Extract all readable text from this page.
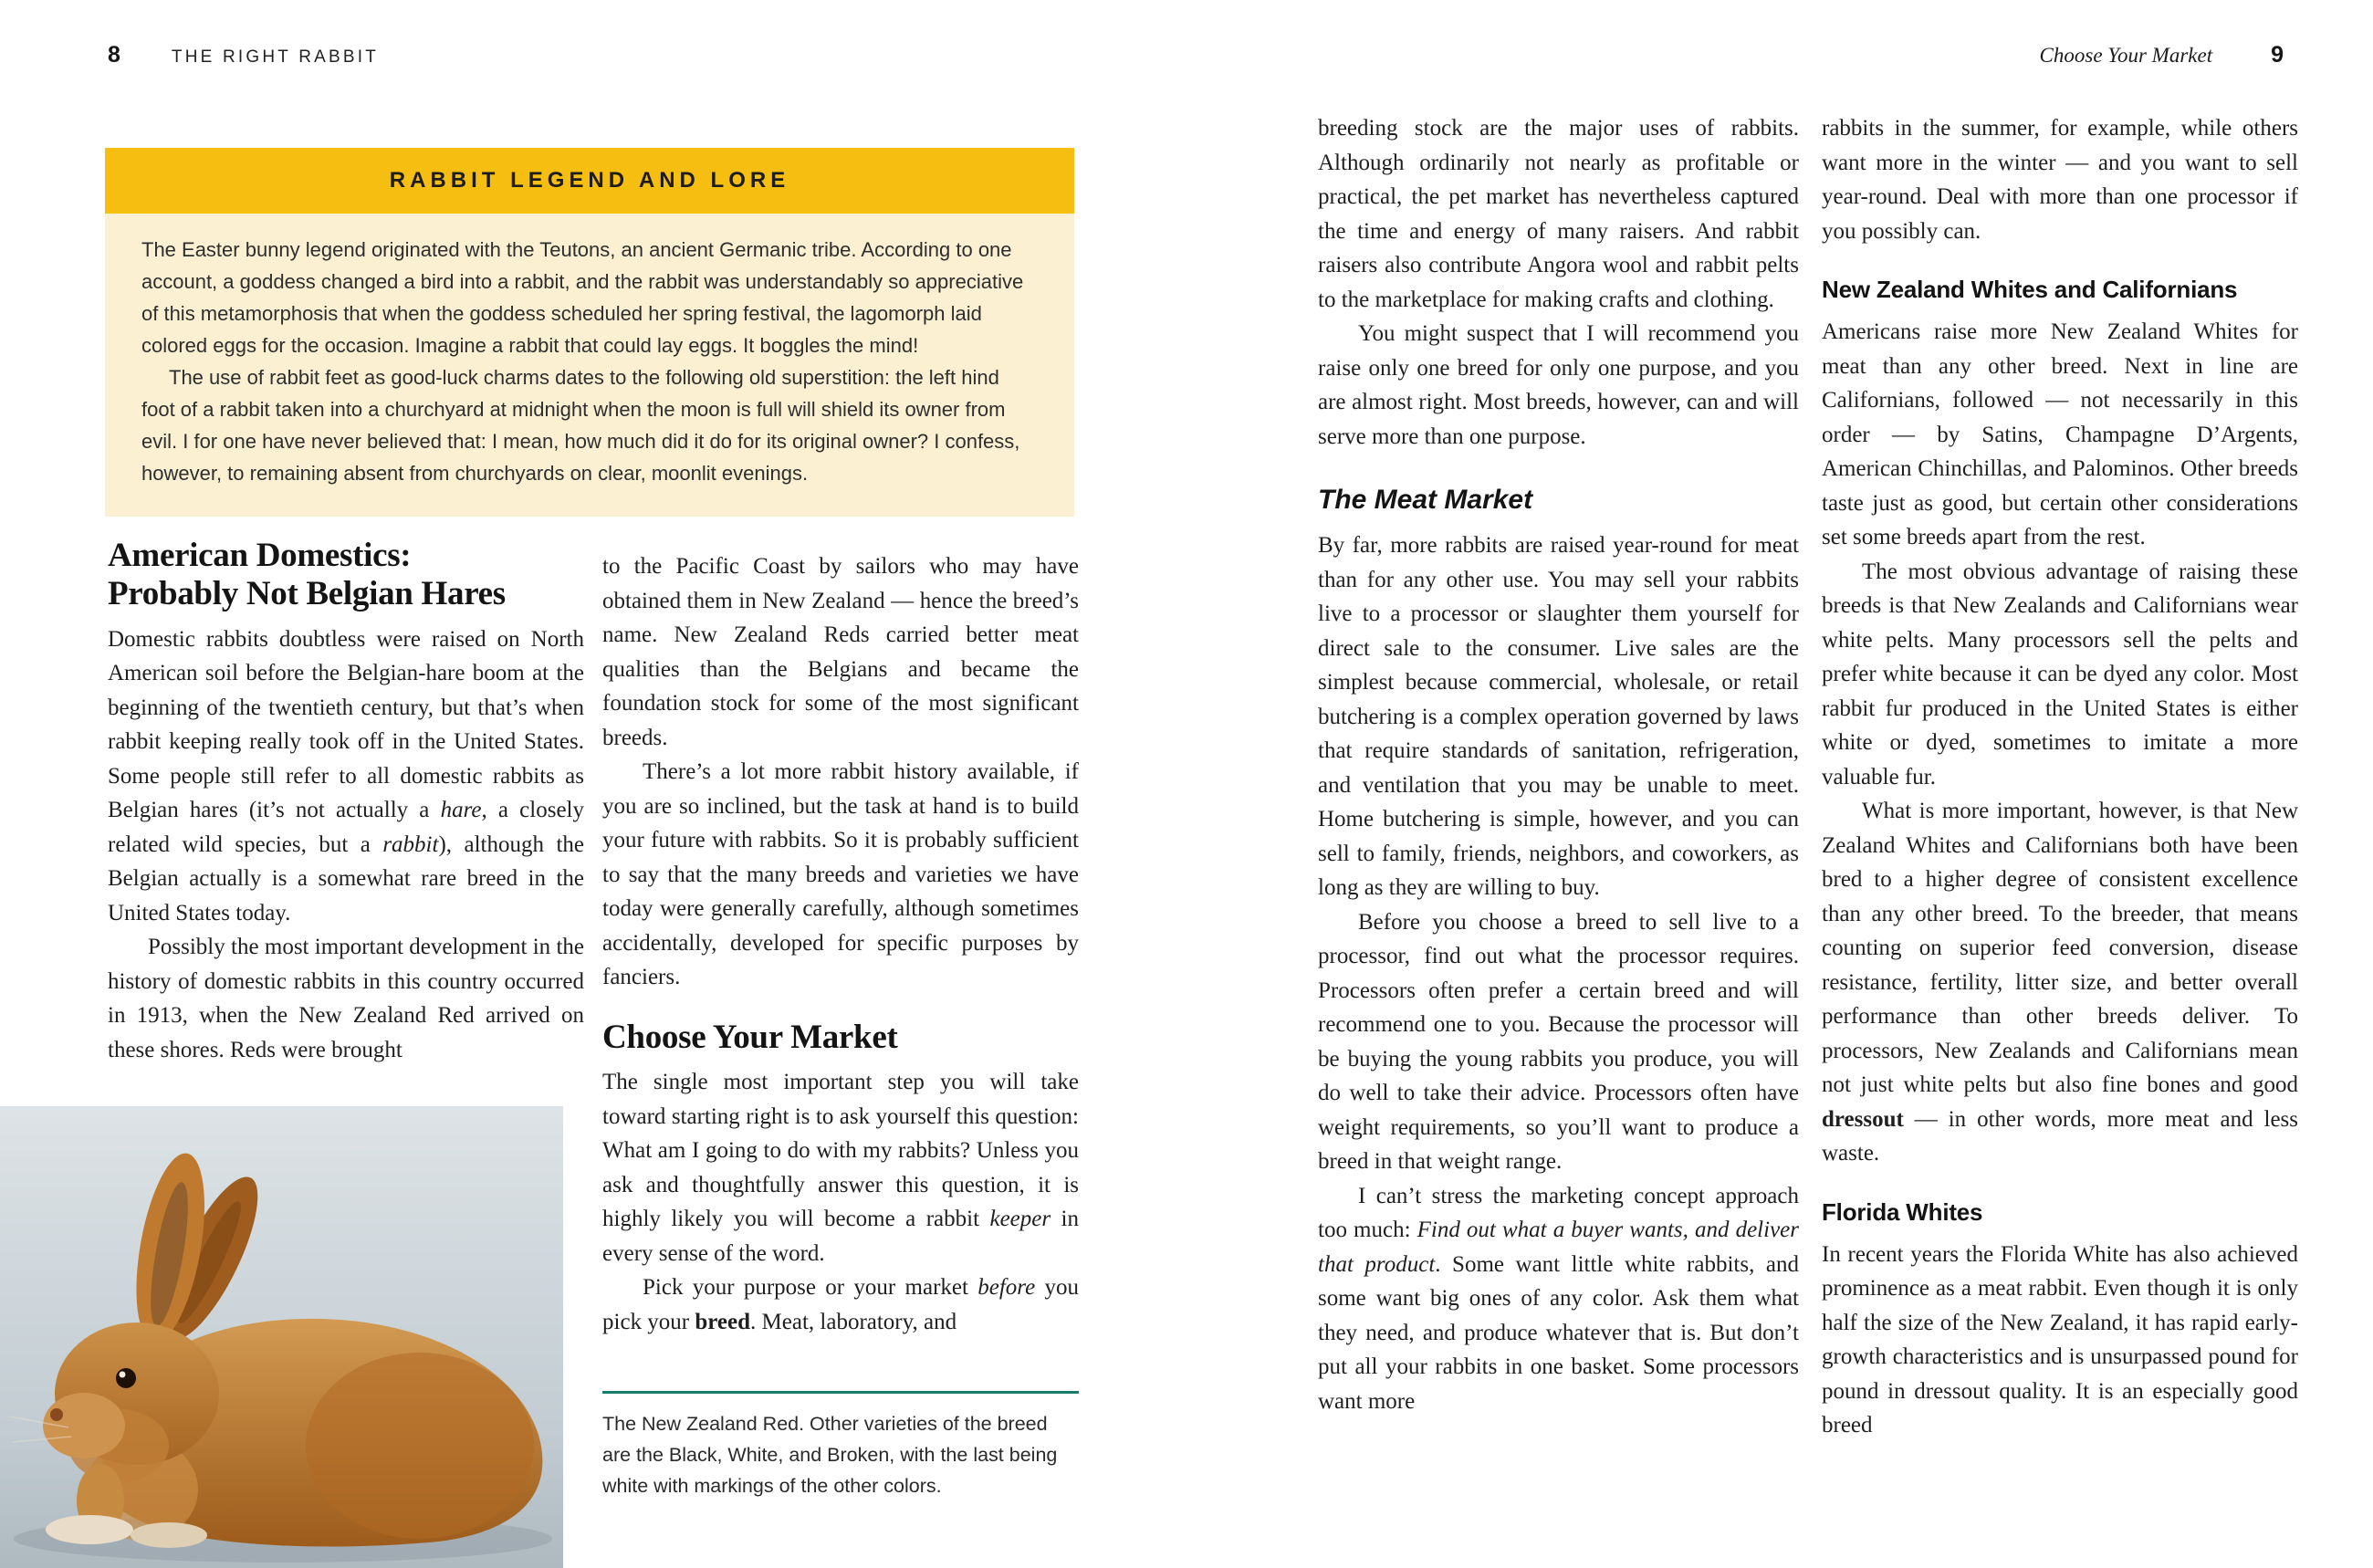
8	THE RIGHT RABBIT	Choose Your Market	9
RABBIT LEGEND AND LORE
The Easter bunny legend originated with the Teutons, an ancient Germanic tribe. According to one account, a goddess changed a bird into a rabbit, and the rabbit was understandably so appreciative of this metamorphosis that when the goddess scheduled her spring festival, the lagomorph laid colored eggs for the occasion. Imagine a rabbit that could lay eggs. It boggles the mind!
The use of rabbit feet as good-luck charms dates to the following old superstition: the left hind foot of a rabbit taken into a churchyard at midnight when the moon is full will shield its owner from evil. I for one have never believed that: I mean, how much did it do for its original owner? I confess, however, to remaining absent from churchyards on clear, moonlit evenings.
American Domestics:
Probably Not Belgian Hares
Domestic rabbits doubtless were raised on North American soil before the Belgian-hare boom at the beginning of the twentieth century, but that’s when rabbit keeping really took off in the United States. Some people still refer to all domestic rabbits as Belgian hares (it’s not actually a hare, a closely related wild species, but a rabbit), although the Belgian actually is a somewhat rare breed in the United States today.
Possibly the most important development in the history of domestic rabbits in this country occurred in 1913, when the New Zealand Red arrived on these shores. Reds were brought
to the Pacific Coast by sailors who may have obtained them in New Zealand — hence the breed’s name. New Zealand Reds carried better meat qualities than the Belgians and became the foundation stock for some of the most significant breeds.
There’s a lot more rabbit history available, if you are so inclined, but the task at hand is to build your future with rabbits. So it is probably sufficient to say that the many breeds and varieties we have today were generally carefully, although sometimes accidentally, developed for specific purposes by fanciers.
Choose Your Market
The single most important step you will take toward starting right is to ask yourself this question: What am I going to do with my rabbits? Unless you ask and thoughtfully answer this question, it is highly likely you will become a rabbit keeper in every sense of the word.
Pick your purpose or your market before you pick your breed. Meat, laboratory, and

The New Zealand Red. Other varieties of the breed are the Black, White, and Broken, with the last being white with markings of the other colors.

breeding stock are the major uses of rabbits. Although ordinarily not nearly as profitable or practical, the pet market has nevertheless captured the time and energy of many raisers. And rabbit raisers also contribute Angora wool and rabbit pelts to the marketplace for making crafts and clothing.
You might suspect that I will recommend you raise only one breed for only one purpose, and you are almost right. Most breeds, however, can and will serve more than one purpose.
The Meat Market
By far, more rabbits are raised year-round for meat than for any other use. You may sell your rabbits live to a processor or slaughter them yourself for direct sale to the consumer. Live sales are the simplest because commercial, wholesale, or retail butchering is a complex operation governed by laws that require standards of sanitation, refrigeration, and ventilation that you may be unable to meet. Home butchering is simple, however, and you can sell to family, friends, neighbors, and coworkers, as long as they are willing to buy.
Before you choose a breed to sell live to a processor, find out what the processor requires. Processors often prefer a certain breed and will recommend one to you. Because the processor will be buying the young rabbits you produce, you will do well to take their advice. Processors often have weight requirements, so you’ll want to produce a breed in that weight range.
I can’t stress the marketing concept approach too much: Find out what a buyer wants, and deliver that product. Some want little white rabbits, and some want big ones of any color. Ask them what they need, and produce whatever that is. But don’t put all your rabbits in one basket. Some processors want more
rabbits in the summer, for example, while others want more in the winter — and you want to sell year-round. Deal with more than one processor if you possibly can.
New Zealand Whites and Californians
Americans raise more New Zealand Whites for meat than any other breed. Next in line are Californians, followed — not necessarily in this order — by Satins, Champagne D’Argents, American Chinchillas, and Palominos. Other breeds taste just as good, but certain other considerations set some breeds apart from the rest.
The most obvious advantage of raising these breeds is that New Zealands and Californians wear white pelts. Many processors sell the pelts and prefer white because it can be dyed any color. Most rabbit fur produced in the United States is either white or dyed, sometimes to imitate a more valuable fur.
What is more important, however, is that New Zealand Whites and Californians both have been bred to a higher degree of consistent excellence than any other breed. To the breeder, that means counting on superior feed conversion, disease resistance, fertility, litter size, and better overall performance than other breeds deliver. To processors, New Zealands and Californians mean not just white pelts but also fine bones and good dressout — in other words, more meat and less waste.
Florida Whites
In recent years the Florida White has also achieved prominence as a meat rabbit. Even though it is only half the size of the New Zealand, it has rapid early-growth characteristics and is unsurpassed pound for pound in dressout quality. It is an especially good breed
